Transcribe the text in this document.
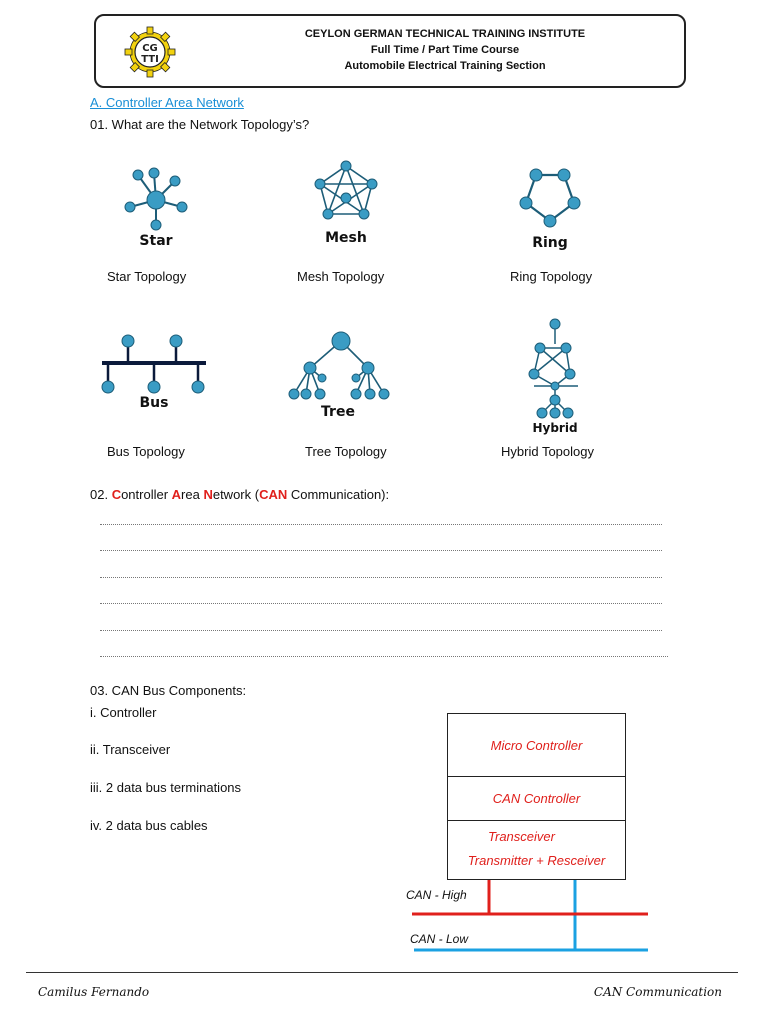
CG
TTI
CEYLON GERMAN TECHNICAL TRAINING INSTITUTE
Full Time / Part Time Course
Automobile Electrical Training Section
A. Controller Area Network
01. What are the Network Topology’s?
Star
Star Topology
Mesh
Mesh Topology
Ring
Ring Topology
Bus
Bus Topology
Tree
Tree Topology
Hybrid
Hybrid Topology
02. Controller Area Network (CAN Communication):
03. CAN Bus Components:
i. Controller
ii. Transceiver
iii. 2 data bus terminations
iv. 2 data bus cables
Micro Controller
CAN Controller
Transceiver
Transmitter + Resceiver
CAN - High
CAN - Low
Camilus Fernando	CAN Communication
